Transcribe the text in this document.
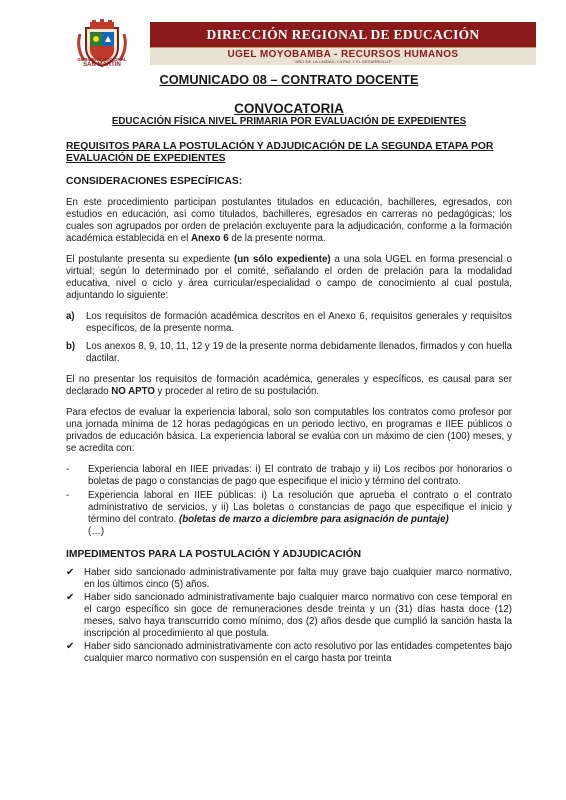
GOBIERNO REGIONAL
SAN MARTÍN
DIRECCIÓN REGIONAL DE EDUCACIÓN
UGEL MOYOBAMBA - RECURSOS HUMANOS
"AÑO DE LA UNIDAD, LA PAZ Y EL DESARROLLO"

COMUNICADO 08 – CONTRATO DOCENTE

CONVOCATORIA

EDUCACIÓN FÍSICA NIVEL PRIMARIA POR EVALUACIÓN DE EXPEDIENTES

REQUISITOS PARA LA POSTULACIÓN Y ADJUDICACIÓN DE LA SEGUNDA ETAPA POR EVALUACIÓN DE EXPEDIENTES

CONSIDERACIONES ESPECÍFICAS:

En este procedimiento participan postulantes titulados en educación, bachilleres, egresados, con estudios en educación, así como titulados, bachilleres, egresados en carreras no pedagógicas; los cuales son agrupados por orden de prelación excluyente para la adjudicación, conforme a la formación académica establecida en el Anexo 6 de la presente norma.

El postulante presenta su expediente (un sólo expediente) a una sola UGEL en forma presencial o virtual; según lo determinado por el comité, señalando el orden de prelación para la modalidad educativa, nivel o ciclo y área curricular/especialidad o campo de conocimiento al cual postula, adjuntando lo siguiente:

a)	Los requisitos de formación académica descritos en el Anexo 6, requisitos generales y requisitos específicos, de la presente norma.
b)	Los anexos 8, 9, 10, 11, 12 y 19 de la presente norma debidamente llenados, firmados y con huella dactilar.

El no presentar los requisitos de formación académica, generales y específicos, es causal para ser declarado NO APTO y proceder al retiro de su postulación.

Para efectos de evaluar la experiencia laboral, solo son computables los contratos como profesor por una jornada mínima de 12 horas pedagógicas en un periodo lectivo, en programas e IIEE públicos o privados de educación básica. La experiencia laboral se evalúa con un máximo de cien (100) meses, y se acredita con:

-	Experiencia laboral en IIEE privadas: i) El contrato de trabajo y ii) Los recibos por honorarios o boletas de pago o constancias de pago que especifique el inicio y término del contrato.
-	Experiencia laboral en IIEE públicas: i) La resolución que aprueba el contrato o el contrato administrativo de servicios, y ii) Las boletas o constancias de pago que especifique el inicio y término del contrato. (boletas de marzo a diciembre para asignación de puntaje)
(…)

IMPEDIMENTOS PARA LA POSTULACIÓN Y ADJUDICACIÓN

✔ Haber sido sancionado administrativamente por falta muy grave bajo cualquier marco normativo, en los últimos cinco (5) años.
✔ Haber sido sancionado administrativamente bajo cualquier marco normativo con cese temporal en el cargo específico sin goce de remuneraciones desde treinta y un (31) días hasta doce (12) meses, salvo haya transcurrido como mínimo, dos (2) años desde que cumplió la sanción hasta la inscripción al procedimiento al que postula.
✔ Haber sido sancionado administrativamente con acto resolutivo por las entidades competentes bajo cualquier marco normativo con suspensión en el cargo hasta por treinta
